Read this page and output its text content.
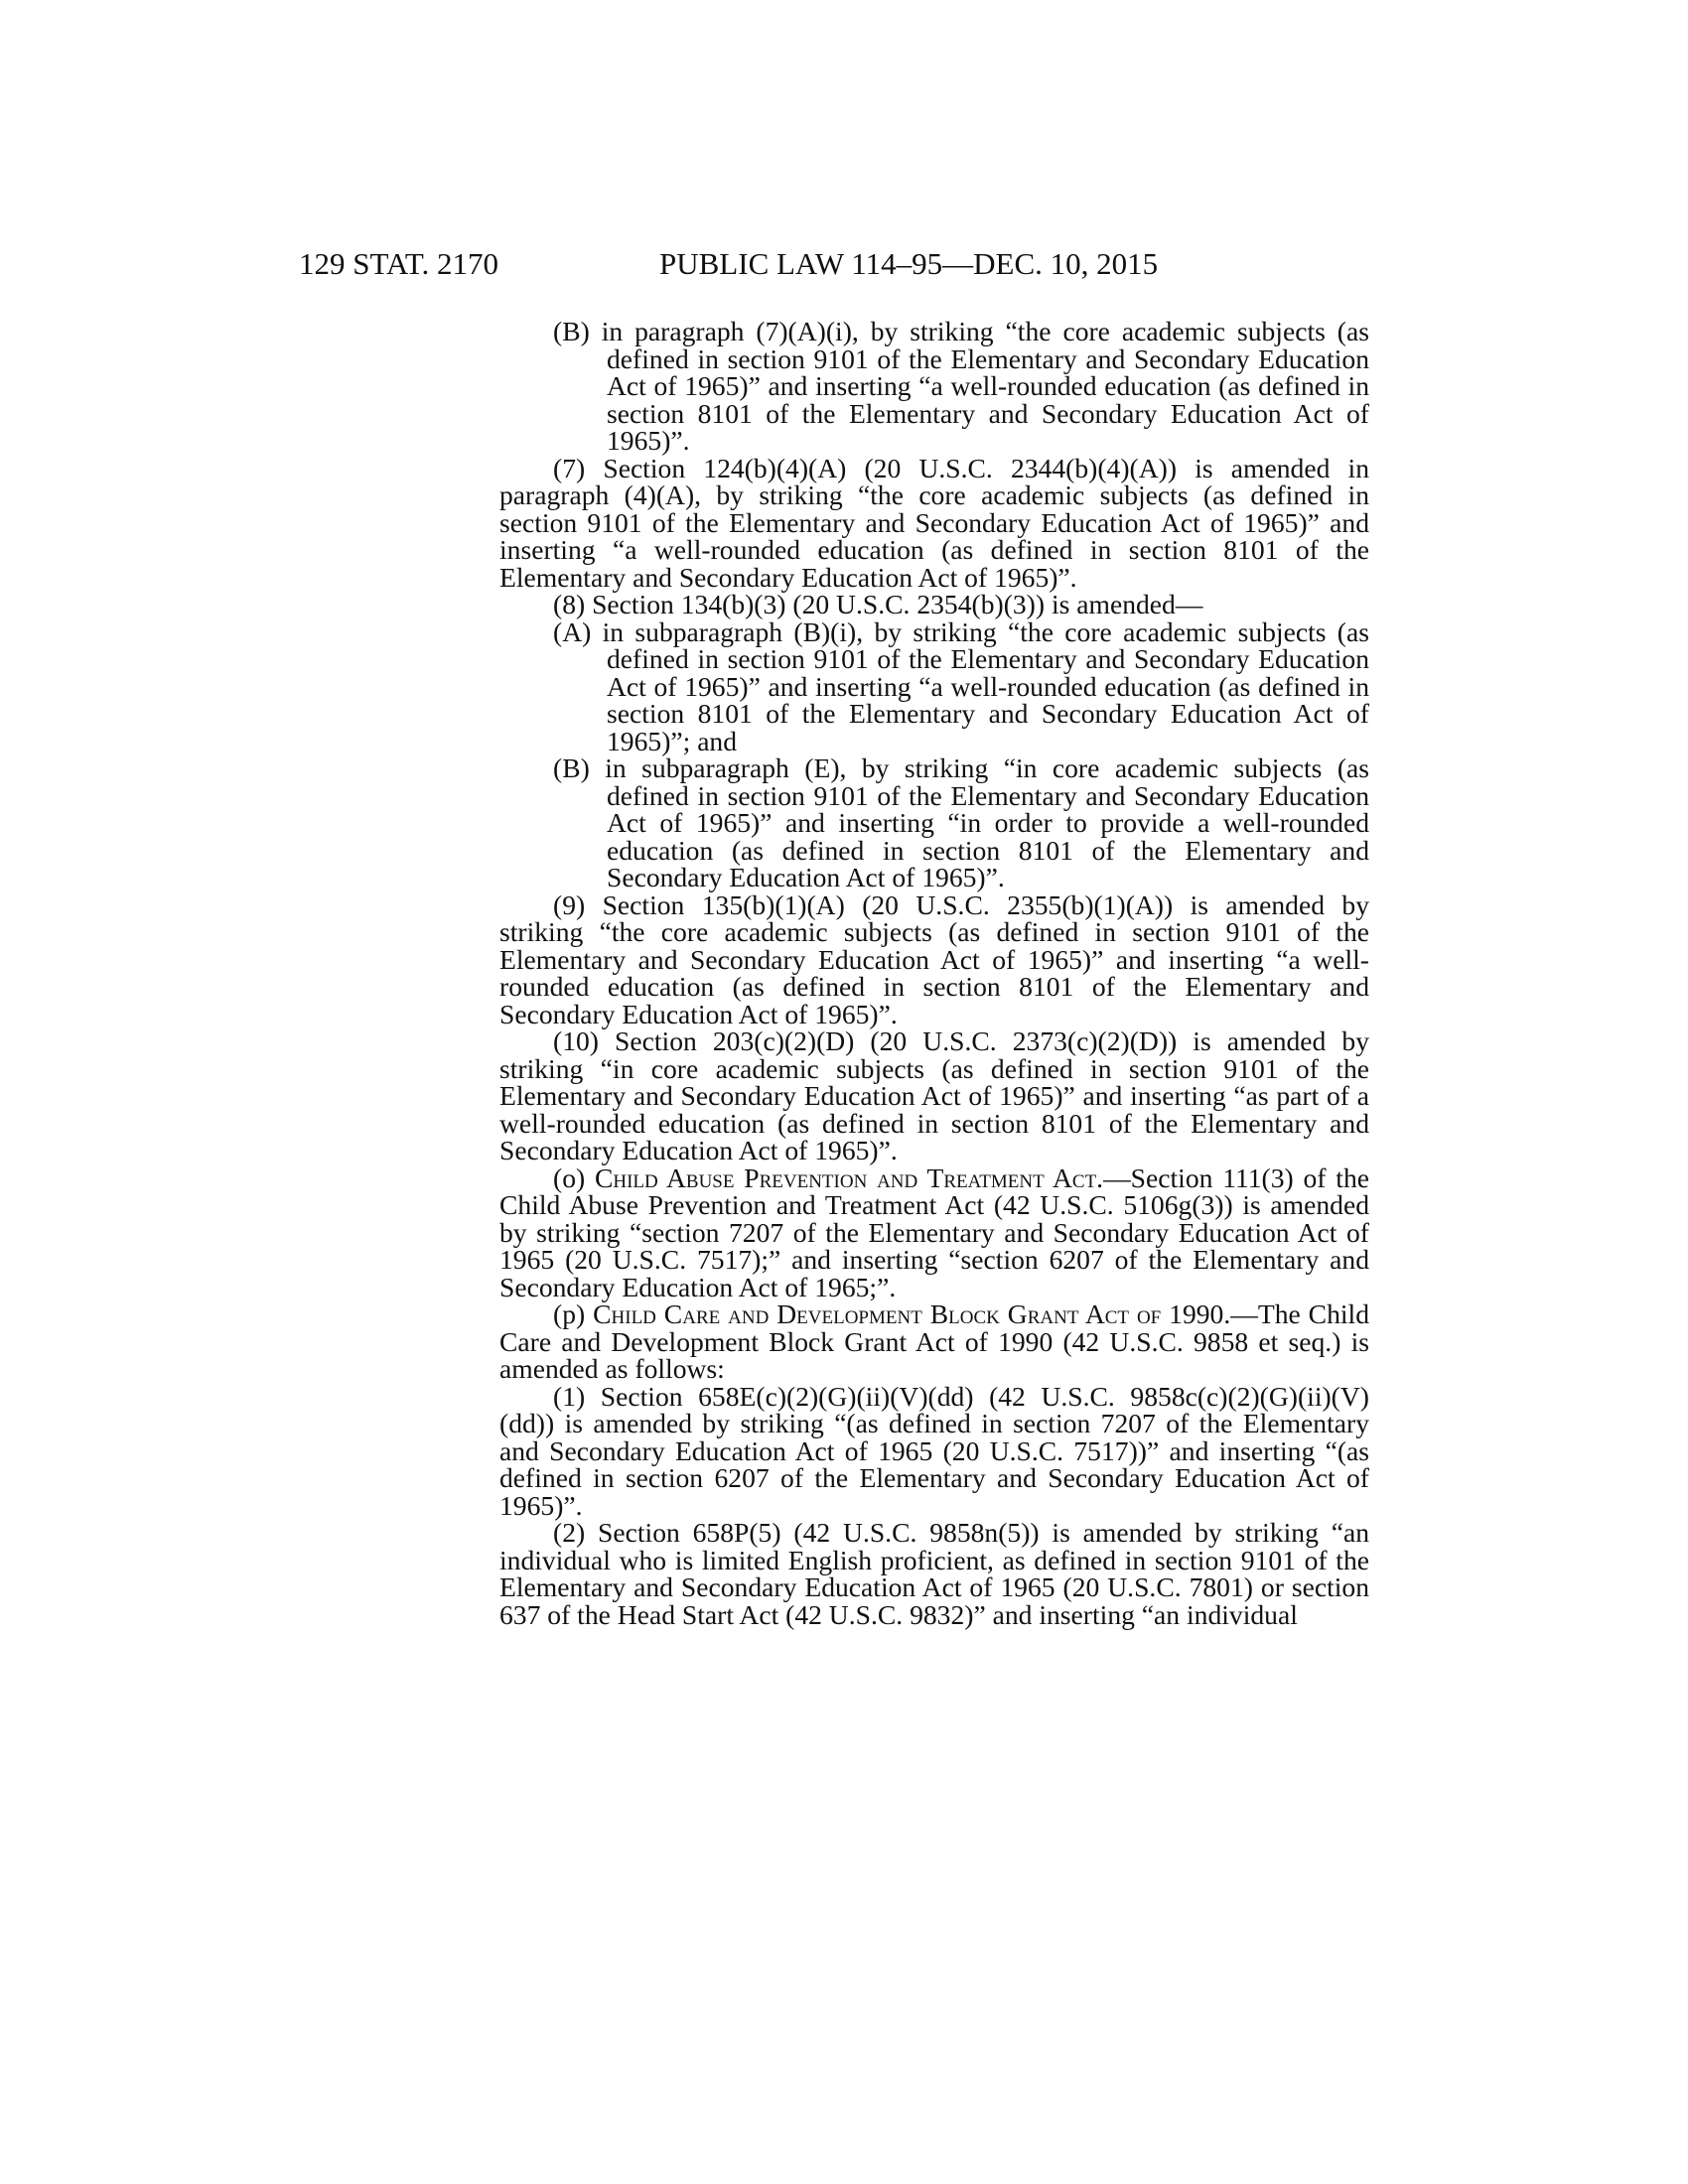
129 STAT. 2170	PUBLIC LAW 114–95—DEC. 10, 2015

(B) in paragraph (7)(A)(i), by striking “the core academic subjects (as defined in section 9101 of the Elementary and Secondary Education Act of 1965)” and inserting “a well-rounded education (as defined in section 8101 of the Elementary and Secondary Education Act of 1965)”.

(7) Section 124(b)(4)(A) (20 U.S.C. 2344(b)(4)(A)) is amended in paragraph (4)(A), by striking “the core academic subjects (as defined in section 9101 of the Elementary and Secondary Education Act of 1965)” and inserting “a well-rounded education (as defined in section 8101 of the Elementary and Secondary Education Act of 1965)”.

(8) Section 134(b)(3) (20 U.S.C. 2354(b)(3)) is amended—

(A) in subparagraph (B)(i), by striking “the core academic subjects (as defined in section 9101 of the Elementary and Secondary Education Act of 1965)” and inserting “a well-rounded education (as defined in section 8101 of the Elementary and Secondary Education Act of 1965)”; and

(B) in subparagraph (E), by striking “in core academic subjects (as defined in section 9101 of the Elementary and Secondary Education Act of 1965)” and inserting “in order to provide a well-rounded education (as defined in section 8101 of the Elementary and Secondary Education Act of 1965)”.

(9) Section 135(b)(1)(A) (20 U.S.C. 2355(b)(1)(A)) is amended by striking “the core academic subjects (as defined in section 9101 of the Elementary and Secondary Education Act of 1965)” and inserting “a well-rounded education (as defined in section 8101 of the Elementary and Secondary Education Act of 1965)”.

(10) Section 203(c)(2)(D) (20 U.S.C. 2373(c)(2)(D)) is amended by striking “in core academic subjects (as defined in section 9101 of the Elementary and Secondary Education Act of 1965)” and inserting “as part of a well-rounded education (as defined in section 8101 of the Elementary and Secondary Education Act of 1965)”.

(o) Child Abuse Prevention and Treatment Act.—Section 111(3) of the Child Abuse Prevention and Treatment Act (42 U.S.C. 5106g(3)) is amended by striking “section 7207 of the Elementary and Secondary Education Act of 1965 (20 U.S.C. 7517);” and inserting “section 6207 of the Elementary and Secondary Education Act of 1965;”.

(p) Child Care and Development Block Grant Act of 1990.—The Child Care and Development Block Grant Act of 1990 (42 U.S.C. 9858 et seq.) is amended as follows:

(1) Section 658E(c)(2)(G)(ii)(V)(dd) (42 U.S.C. 9858c(c)(2)(G)(ii)(V)(dd)) is amended by striking “(as defined in section 7207 of the Elementary and Secondary Education Act of 1965 (20 U.S.C. 7517))” and inserting “(as defined in section 6207 of the Elementary and Secondary Education Act of 1965)”.

(2) Section 658P(5) (42 U.S.C. 9858n(5)) is amended by striking “an individual who is limited English proficient, as defined in section 9101 of the Elementary and Secondary Education Act of 1965 (20 U.S.C. 7801) or section 637 of the Head Start Act (42 U.S.C. 9832)” and inserting “an individual
